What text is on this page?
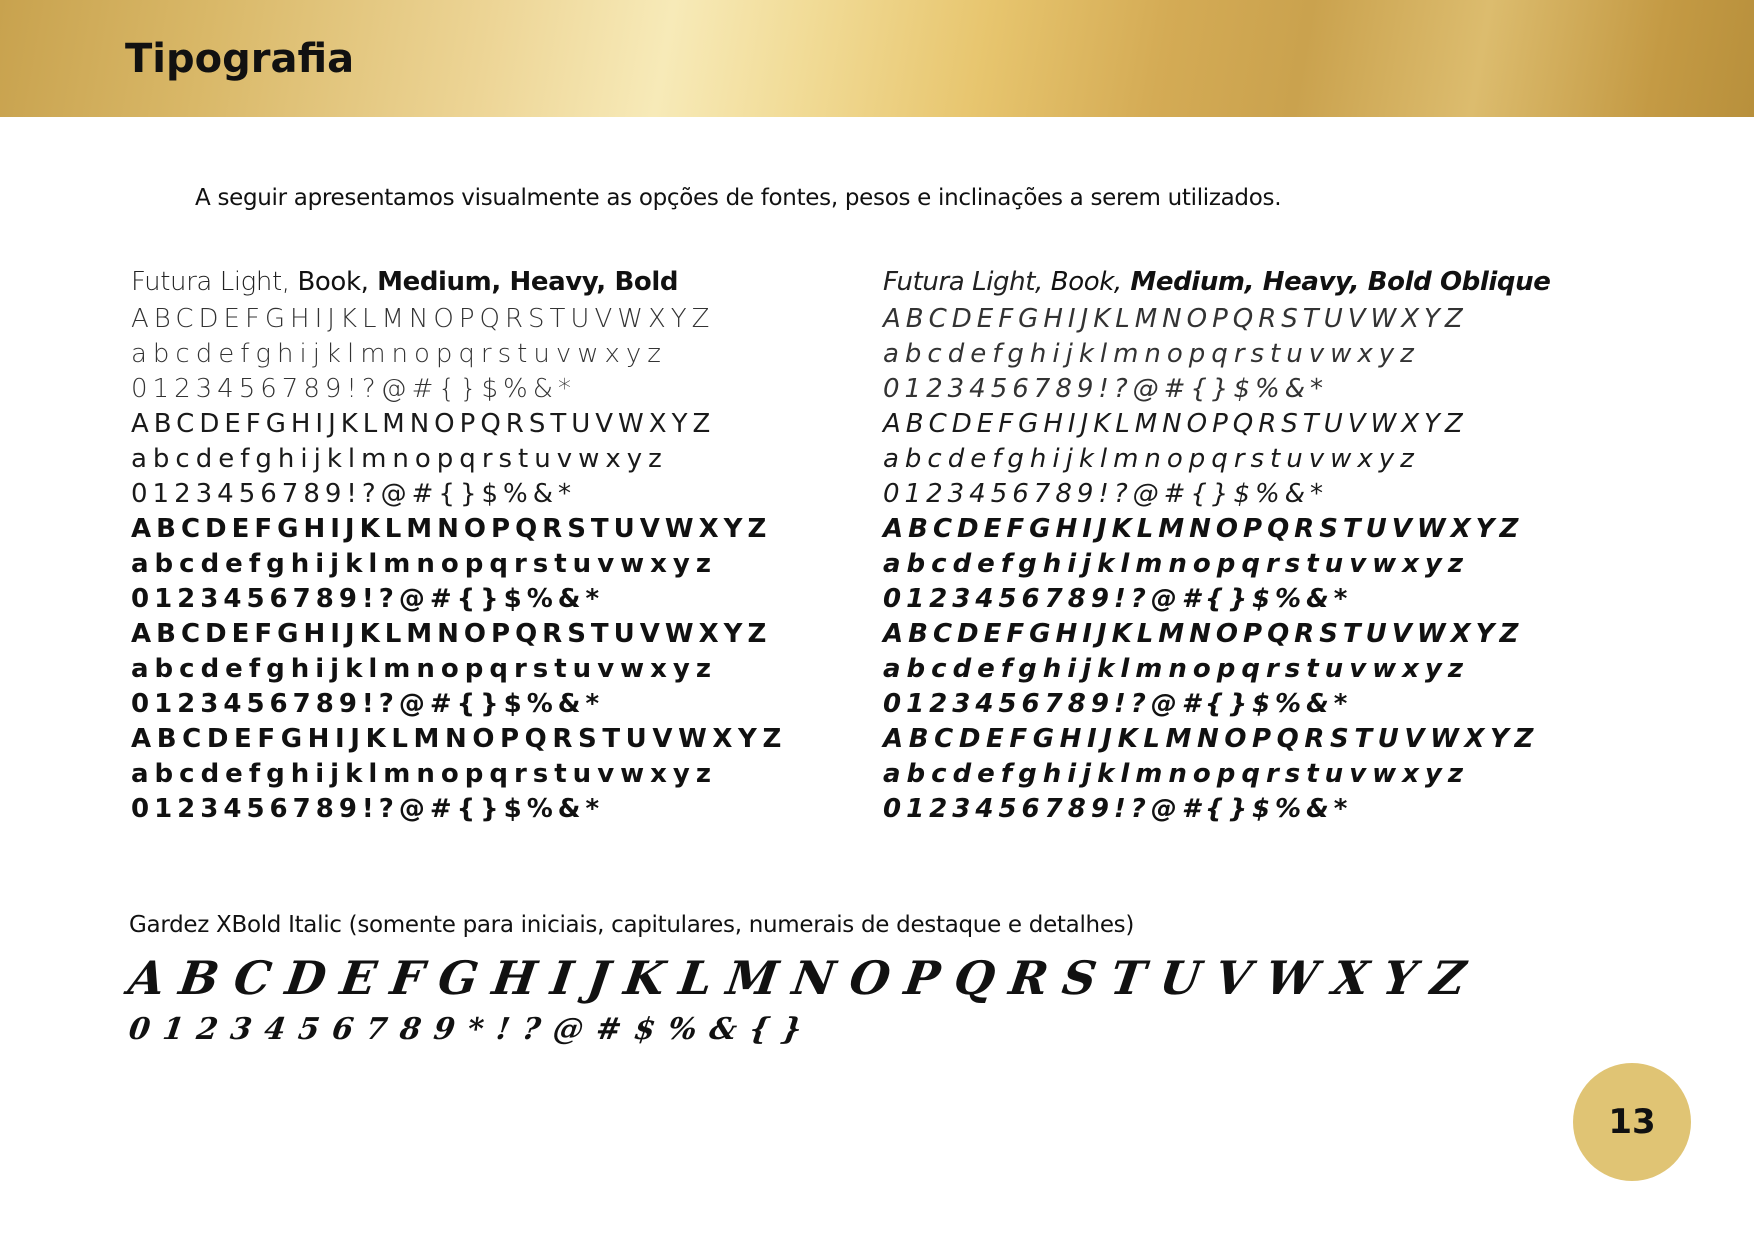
Tipografia
A seguir apresentamos visualmente as opções de fontes, pesos e inclinações a serem utilizados.
Futura Light, Book, Medium, Heavy, Bold
ABCDEFGHIJKLMNOPQRSTUVWXYZ
abcdefghijklmnopqrstuvwxyz
0123456789!?@#{}$%&*
ABCDEFGHIJKLMNOPQRSTUVWXYZ
abcdefghijklmnopqrstuvwxyz
0123456789!?@#{}$%&*
ABCDEFGHIJKLMNOPQRSTUVWXYZ
abcdefghijklmnopqrstuvwxyz
0123456789!?@#{}$%&*
ABCDEFGHIJKLMNOPQRSTUVWXYZ
abcdefghijklmnopqrstuvwxyz
0123456789!?@#{}$%&*
ABCDEFGHIJKLMNOPQRSTUVWXYZ
abcdefghijklmnopqrstuvwxyz
0123456789!?@#{}$%&*
Futura Light, Book, Medium, Heavy, Bold Oblique
ABCDEFGHIJKLMNOPQRSTUVWXYZ
abcdefghijklmnopqrstuvwxyz
0123456789!?@#{}$%&*
ABCDEFGHIJKLMNOPQRSTUVWXYZ
abcdefghijklmnopqrstuvwxyz
0123456789!?@#{}$%&*
ABCDEFGHIJKLMNOPQRSTUVWXYZ
abcdefghijklmnopqrstuvwxyz
0123456789!?@#{}$%&*
ABCDEFGHIJKLMNOPQRSTUVWXYZ
abcdefghijklmnopqrstuvwxyz
0123456789!?@#{}$%&*
ABCDEFGHIJKLMNOPQRSTUVWXYZ
abcdefghijklmnopqrstuvwxyz
0123456789!?@#{}$%&*
Gardez XBold Italic (somente para iniciais, capitulares, numerais de destaque e detalhes)
ABCDEFGHIJKLMNOPQRSTUVWXYZ
0123456789*!?@#$%&{}
13
